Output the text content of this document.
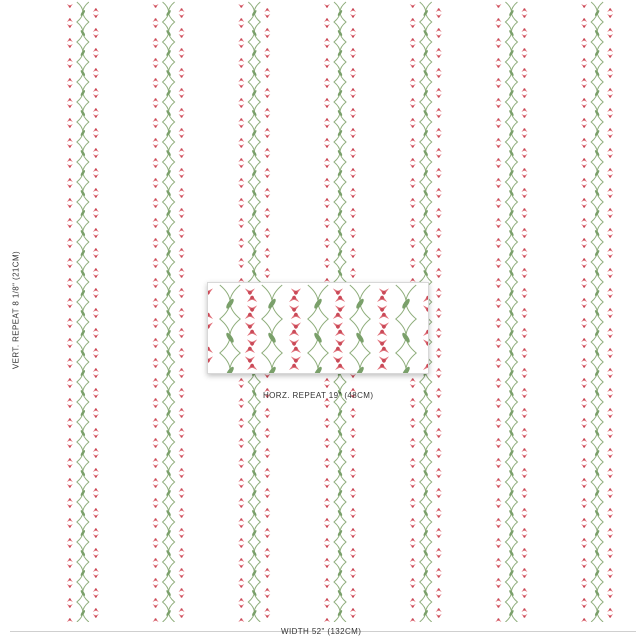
VERT. REPEAT 8 1/8" (21CM)
HORZ. REPEAT 19" (48CM)
WIDTH 52" (132CM)
